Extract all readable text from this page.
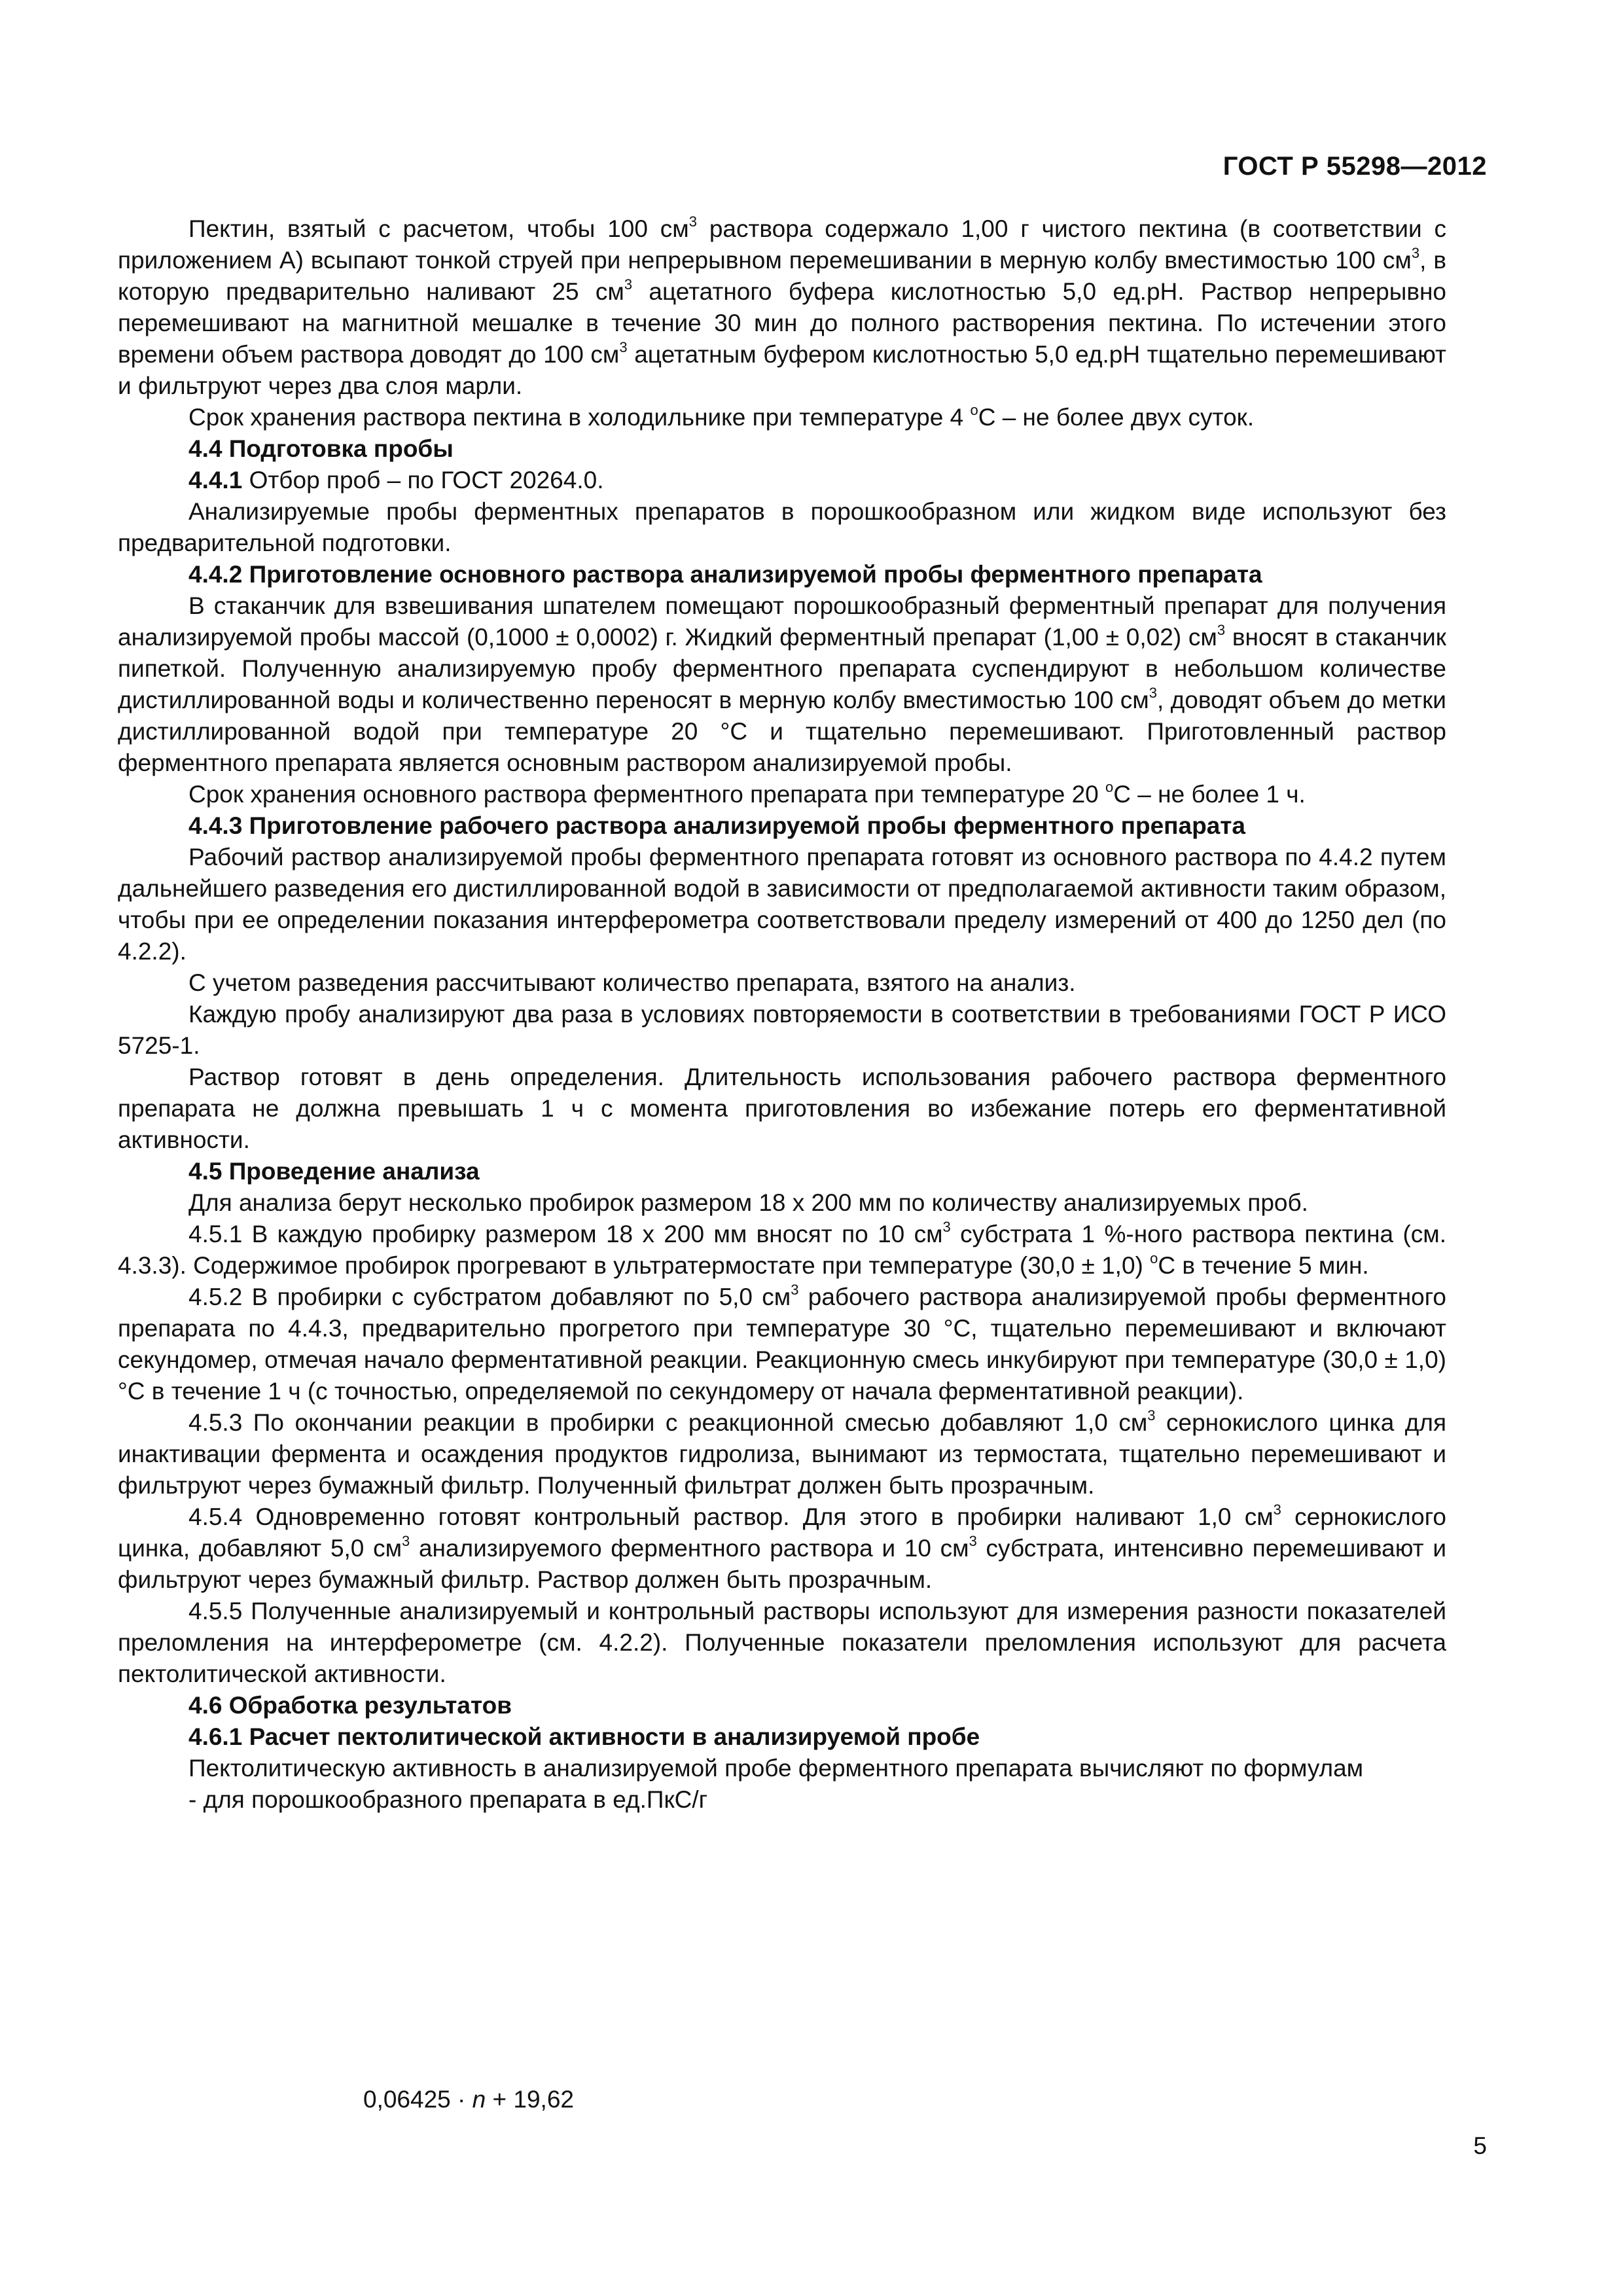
ГОСТ Р 55298—2012

Пектин, взятый с расчетом, чтобы 100 $см^3$ раствора содержало 1,00 г чистого пектина (в соответствии с приложением А) всыпают тонкой струей при непрерывном перемешивании в мерную колбу вместимостью 100 $см^3$, в которую предварительно наливают 25 $см^3$ ацетатного буфера кислотностью 5,0 ед.рН. Раствор непрерывно перемешивают на магнитной мешалке в течение 30 мин до полного растворения пектина. По истечении этого времени объем раствора доводят до 100 $см^3$ ацетатным буфером кислотностью 5,0 ед.рН тщательно перемешивают и фильтруют через два слоя марли.

Срок хранения раствора пектина в холодильнике при температуре 4 $^о$С – не более двух суток.

4.4 Подготовка пробы

4.4.1 Отбор проб – по ГОСТ 20264.0.

Анализируемые пробы ферментных препаратов в порошкообразном или жидком виде используют без предварительной подготовки.

4.4.2 Приготовление основного раствора анализируемой пробы ферментного препарата

В стаканчик для взвешивания шпателем помещают порошкообразный ферментный препарат для получения анализируемой пробы массой (0,1000 ± 0,0002) г. Жидкий ферментный препарат (1,00 ± 0,02) $см^3$ вносят в стаканчик пипеткой. Полученную анализируемую пробу ферментного препарата суспендируют в небольшом количестве дистиллированной воды и количественно переносят в мерную колбу вместимостью 100 $см^3$, доводят объем до метки дистиллированной водой при температуре 20 °С и тщательно перемешивают. Приготовленный раствор ферментного препарата является основным раствором анализируемой пробы.

Срок хранения основного раствора ферментного препарата при температуре 20 $^о$С – не более 1 ч.

4.4.3 Приготовление рабочего раствора анализируемой пробы ферментного препарата

Рабочий раствор анализируемой пробы ферментного препарата готовят из основного раствора по 4.4.2 путем дальнейшего разведения его дистиллированной водой в зависимости от предполагаемой активности таким образом, чтобы при ее определении показания интерферометра соответствовали пределу измерений от 400 до 1250 дел (по 4.2.2).

С учетом разведения рассчитывают количество препарата, взятого на анализ.

Каждую пробу анализируют два раза в условиях повторяемости в соответствии в требованиями ГОСТ Р ИСО 5725-1.

Раствор готовят в день определения. Длительность использования рабочего раствора ферментного препарата не должна превышать 1 ч с момента приготовления во избежание потерь его ферментативной активности.

4.5 Проведение анализа

Для анализа берут несколько пробирок размером 18 х 200 мм по количеству анализируемых проб.

4.5.1 В каждую пробирку размером 18 х 200 мм вносят по 10 $см^3$ субстрата 1 %-ного раствора пектина (см. 4.3.3). Содержимое пробирок прогревают в ультратермостате при температуре (30,0 ± 1,0) $^о$С в течение 5 мин.

4.5.2 В пробирки с субстратом добавляют по 5,0 $см^3$ рабочего раствора анализируемой пробы ферментного препарата по 4.4.3, предварительно прогретого при температуре 30 °С, тщательно перемешивают и включают секундомер, отмечая начало ферментативной реакции. Реакционную смесь инкубируют при температуре (30,0 ± 1,0) °С в течение 1 ч (с точностью, определяемой по секундомеру от начала ферментативной реакции).

4.5.3 По окончании реакции в пробирки с реакционной смесью добавляют 1,0 $см^3$ сернокислого цинка для инактивации фермента и осаждения продуктов гидролиза, вынимают из термостата, тщательно перемешивают и фильтруют через бумажный фильтр. Полученный фильтрат должен быть прозрачным.

4.5.4 Одновременно готовят контрольный раствор. Для этого в пробирки наливают 1,0 $см^3$ сернокислого цинка, добавляют 5,0 $см^3$ анализируемого ферментного раствора и 10 $см^3$ субстрата, интенсивно перемешивают и фильтруют через бумажный фильтр. Раствор должен быть прозрачным.

4.5.5 Полученные анализируемый и контрольный растворы используют для измерения разности показателей преломления на интерферометре (см. 4.2.2). Полученные показатели преломления используют для расчета пектолитической активности.

4.6 Обработка результатов

4.6.1 Расчет пектолитической активности в анализируемой пробе

Пектолитическую активность в анализируемой пробе ферментного препарата вычисляют по формулам

- для порошкообразного препарата в ед.ПкС/г

0,06425 · n + 19,62
5
